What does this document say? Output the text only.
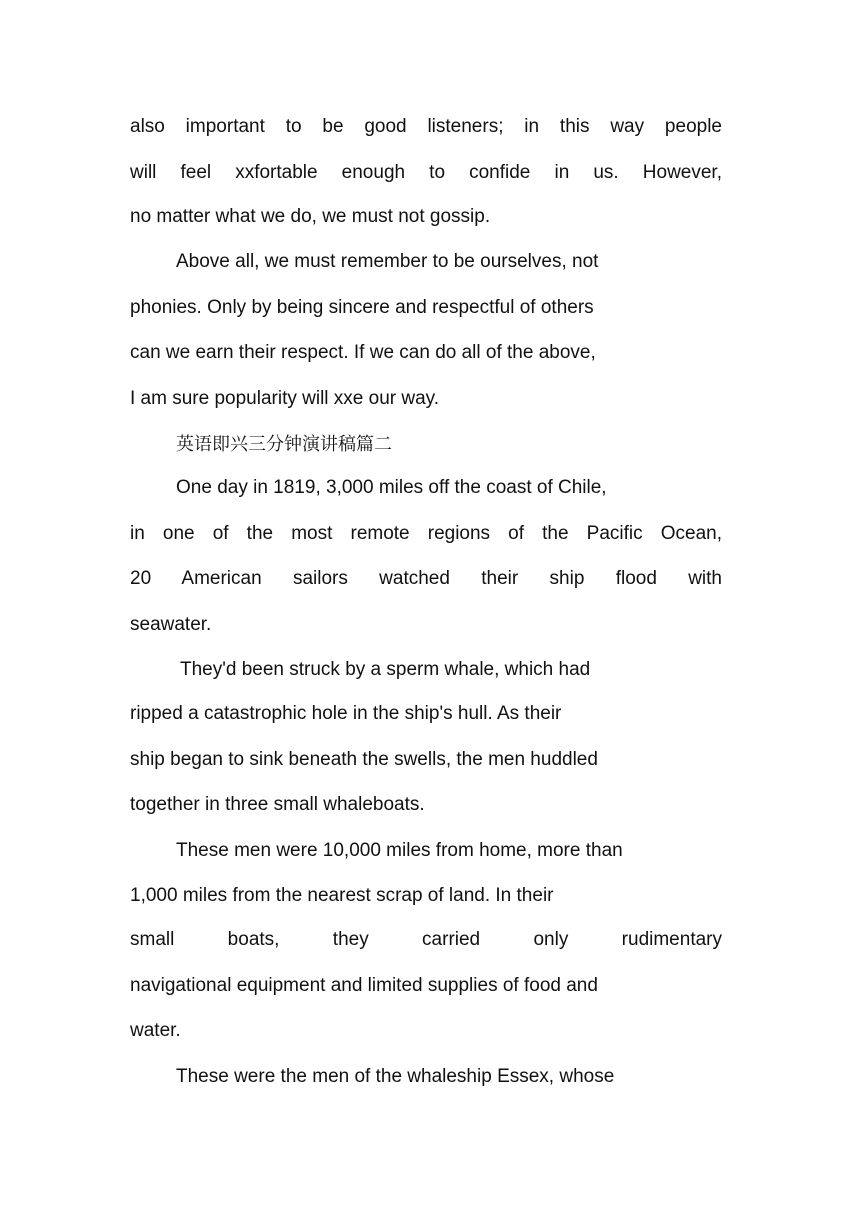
also important to be good listeners; in this way people
will feel xxfortable enough to confide in us. However,
no matter what we do, we must not gossip.
Above all, we must remember to be ourselves, not
phonies. Only by being sincere and respectful of others
can we earn their respect. If we can do all of the above,
I am sure popularity will xxe our way.
英语即兴三分钟演讲稿篇二
One day in 1819, 3,000 miles off the coast of Chile,
in one of the most remote regions of the Pacific Ocean,
20 American sailors watched their ship flood with
seawater.
They'd been struck by a sperm whale, which had
ripped a catastrophic hole in the ship's hull. As their
ship began to sink beneath the swells, the men huddled
together in three small whaleboats.
These men were 10,000 miles from home, more than
1,000 miles from the nearest scrap of land. In their
small boats, they carried only rudimentary
navigational equipment and limited supplies of food and
water.
These were the men of the whaleship Essex, whose
